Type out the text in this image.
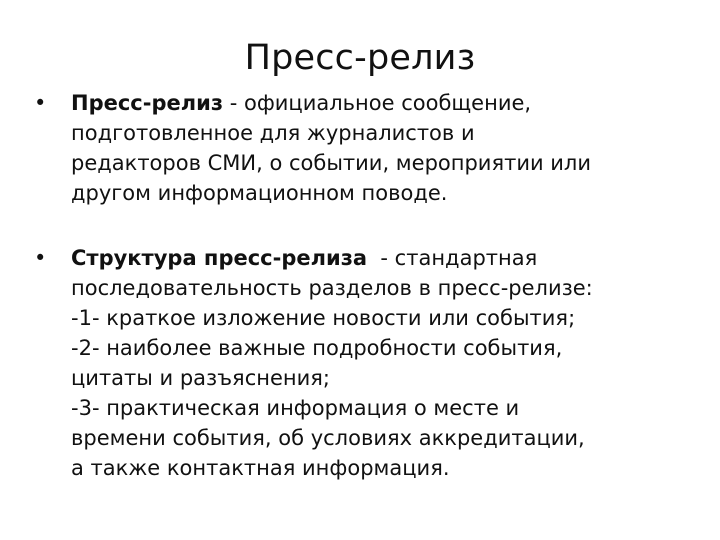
Пресс-релиз
•	Пресс-релиз - официальное сообщение,
подготовленное для журналистов и
редакторов СМИ, о событии, мероприятии или
другом информационном поводе.
•	Структура пресс-релиза  - стандартная
последовательность разделов в пресс-релизе:
-1- краткое изложение новости или события;
-2- наиболее важные подробности события,
цитаты и разъяснения;
-3- практическая информация о месте и
времени события, об условиях аккредитации,
а также контактная информация.
